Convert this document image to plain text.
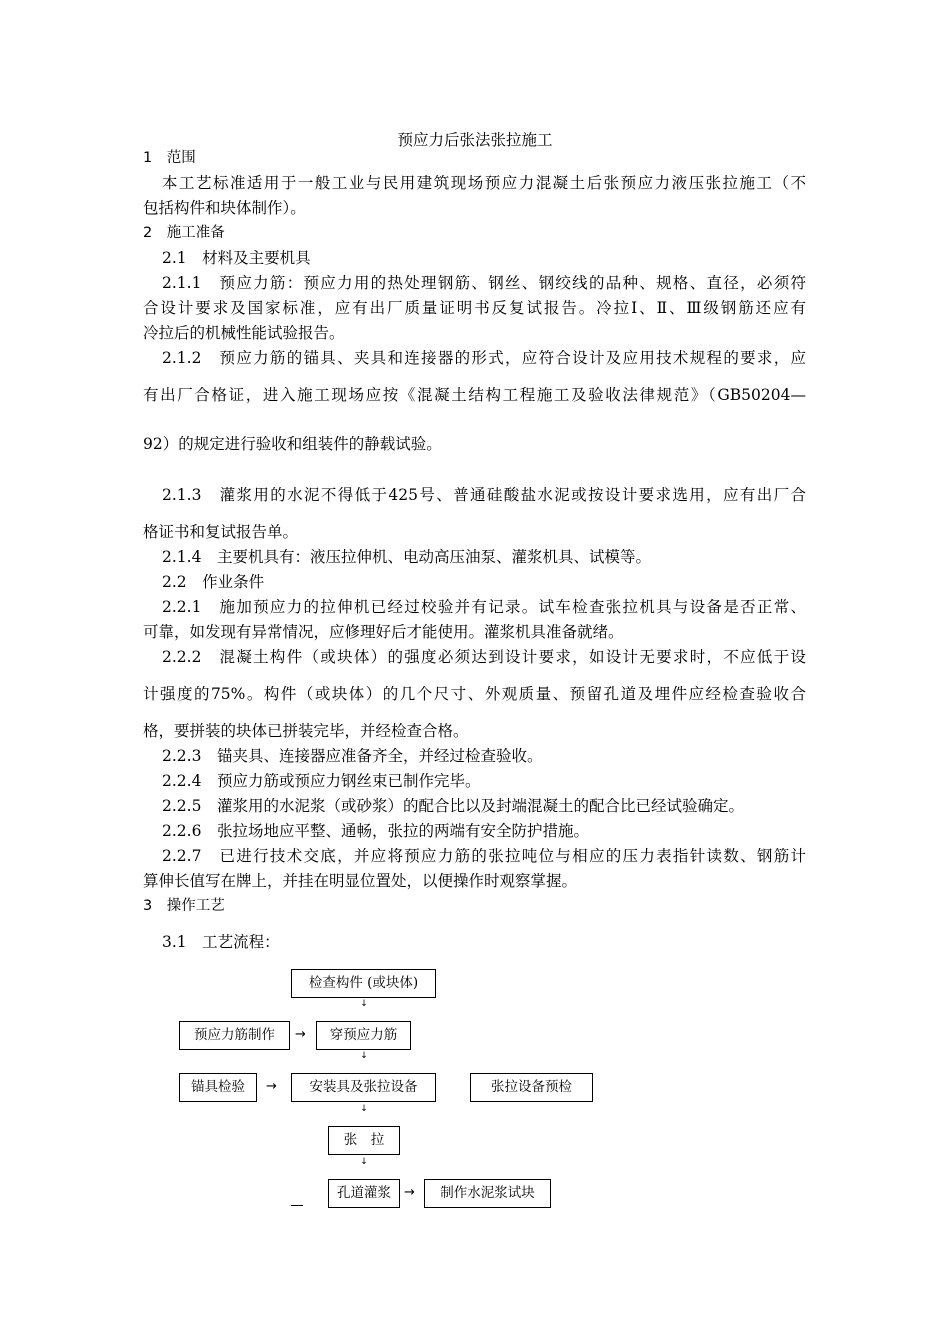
预应力后张法张拉施工
1　范围
本工艺标准适用于一般工业与民用建筑现场预应力混凝土后张预应力液压张拉施工（不
包括构件和块体制作）。
2　施工准备
2.1　材料及主要机具
2.1.1　预应力筋：预应力用的热处理钢筋、钢丝、钢绞线的品种、规格、直径，必须符
合设计要求及国家标准，应有出厂质量证明书反复试报告。冷拉Ⅰ、Ⅱ、Ⅲ级钢筋还应有
冷拉后的机械性能试验报告。
2.1.2　预应力筋的锚具、夹具和连接器的形式，应符合设计及应用技术规程的要求，应
有出厂合格证，进入施工现场应按《混凝土结构工程施工及验收法律规范》（GB50204—
92）的规定进行验收和组装件的静载试验。
2.1.3　灌浆用的水泥不得低于425号、普通硅酸盐水泥或按设计要求选用，应有出厂合
格证书和复试报告单。
2.1.4　主要机具有：液压拉伸机、电动高压油泵、灌浆机具、试模等。
2.2　作业条件
2.2.1　施加预应力的拉伸机已经过校验并有记录。试车检查张拉机具与设备是否正常、
可靠，如发现有异常情况，应修理好后才能使用。灌浆机具准备就绪。
2.2.2　混凝土构件（或块体）的强度必须达到设计要求，如设计无要求时，不应低于设
计强度的75%。构件（或块体）的几个尺寸、外观质量、预留孔道及埋件应经检查验收合
格，要拼装的块体已拼装完毕，并经检查合格。
2.2.3　锚夹具、连接器应准备齐全，并经过检查验收。
2.2.4　预应力筋或预应力钢丝束已制作完毕。
2.2.5　灌浆用的水泥浆（或砂浆）的配合比以及封端混凝土的配合比已经试验确定。
2.2.6　张拉场地应平整、通畅，张拉的两端有安全防护措施。
2.2.7　已进行技术交底，并应将预应力筋的张拉吨位与相应的压力表指针读数、钢筋计
算伸长值写在牌上，并挂在明显位置处，以便操作时观察掌握。
3　操作工艺
3.1　工艺流程：
检查构件 (或块体)
↓
预应力筋制作	→	穿预应力筋
↓
锚具检验	→	安装具及张拉设备	张拉设备预检
↓
张　拉
↓
孔道灌浆	→	制作水泥浆试块
